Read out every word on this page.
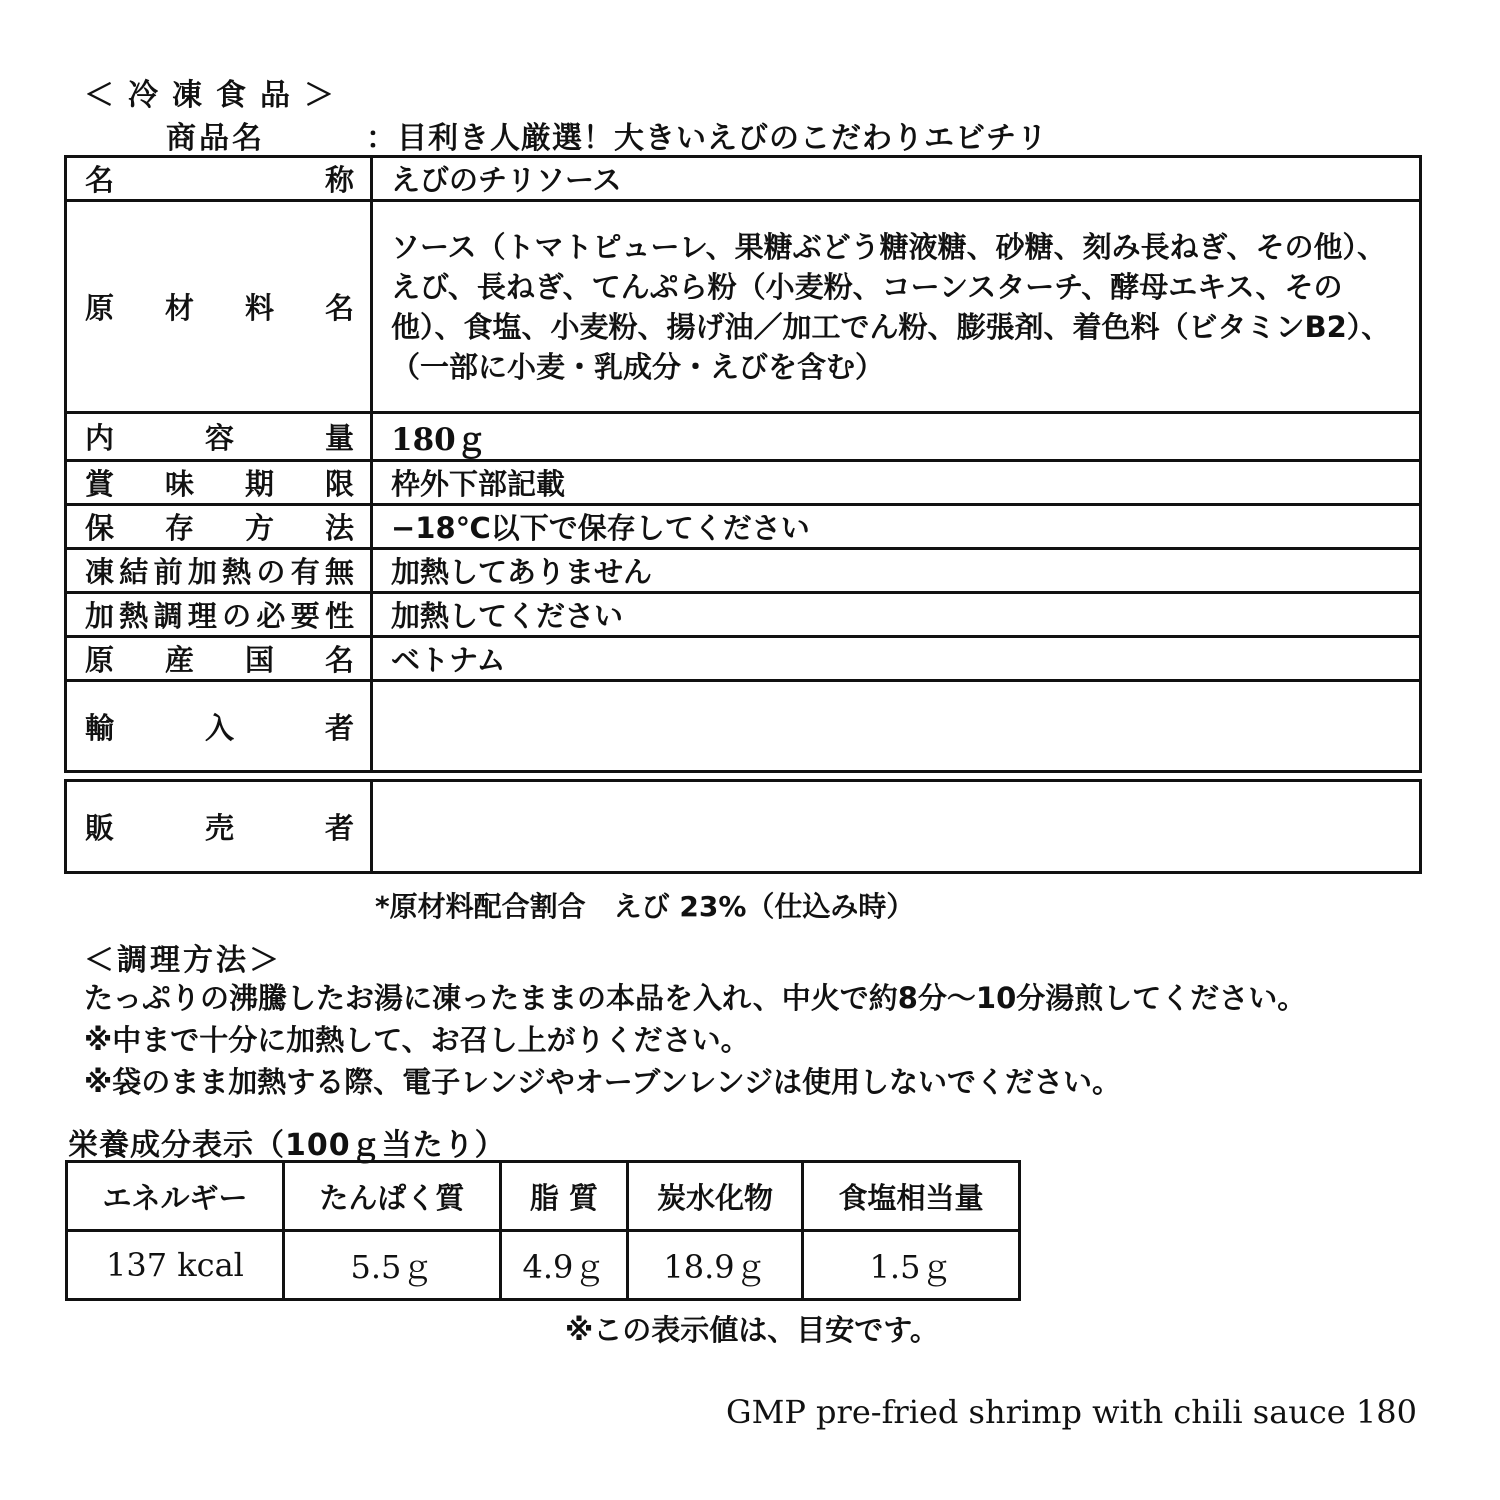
＜冷凍食品＞
商品名	：目利き人厳選！大きいえびのこだわりエビチリ
名称	えびのチリソース

原材料名	ソース（トマトピューレ、果糖ぶどう糖液糖、砂糖、刻み長ねぎ、その他）、えび、長ねぎ、てんぷら粉（小麦粉、コーンスターチ、酵母エキス、その他）、食塩、小麦粉、揚げ油／加工でん粉、膨張剤、着色料（ビタミンB2）、（一部に小麦・乳成分・えびを含む）

内容量	180ｇ

賞味期限	枠外下部記載

保存方法	−18℃以下で保存してください

凍結前加熱の有無	加熱してありません

加熱調理の必要性	加熱してください

原産国名	ベトナム

輸入者	

販売者

*原材料配合割合　えび 23%（仕込み時）
＜調理方法＞

たっぷりの沸騰したお湯に凍ったままの本品を入れ、中火で約8分〜10分湯煎してください。

※中まで十分に加熱して、お召し上がりください。

※袋のまま加熱する際、電子レンジやオーブンレンジは使用しないでください。

栄養成分表示（100ｇ当たり）
エネルギー	たんぱく質	脂 質	炭水化物	食塩相当量
137 kcal	5.5ｇ	4.9ｇ	18.9ｇ	1.5ｇ
※この表示値は、目安です。
GMP pre-fried shrimp with chili sauce 180
